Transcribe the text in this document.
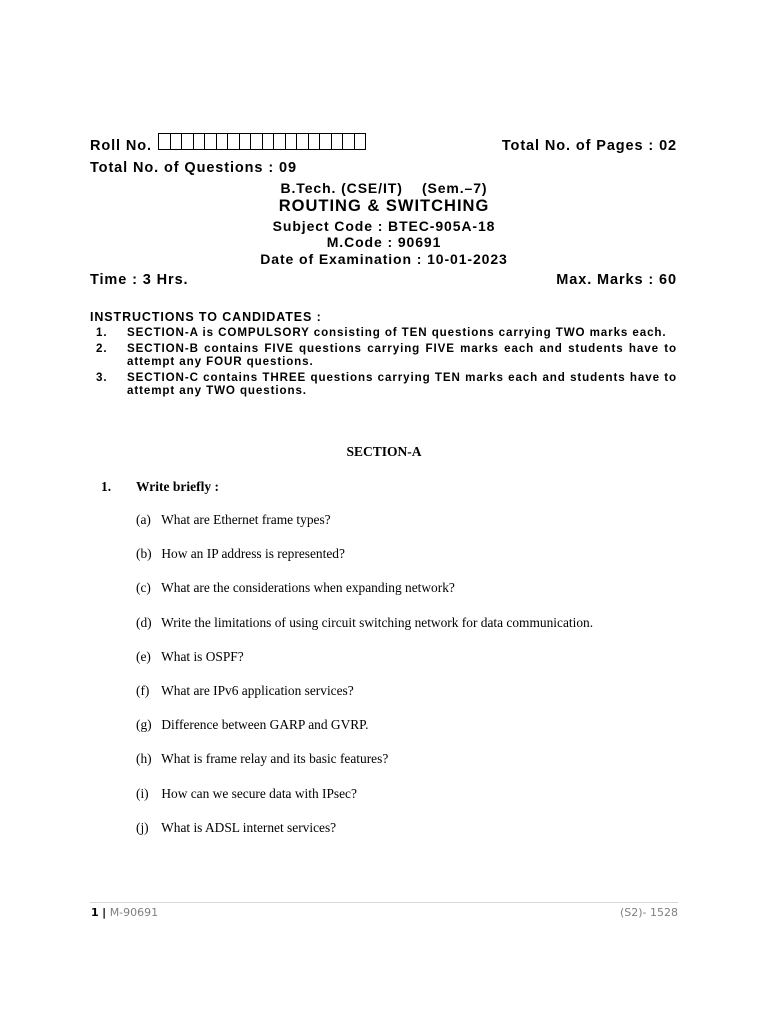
Roll No.	Total No. of Pages : 02
Total No. of Questions : 09
B.Tech. (CSE/IT) (Sem.–7)
ROUTING & SWITCHING
Subject Code : BTEC-905A-18
M.Code : 90691
Date of Examination : 10-01-2023
Time : 3 Hrs.	Max. Marks : 60
INSTRUCTIONS TO CANDIDATES :
1.	SECTION-A is COMPULSORY consisting of TEN questions carrying TWO marks each.
2.	SECTION-B contains FIVE questions carrying FIVE marks each and students have to attempt any FOUR questions.
3.	SECTION-C contains THREE questions carrying TEN marks each and students have to attempt any TWO questions.
SECTION-A
1. Write briefly :
(a) What are Ethernet frame types?
(b) How an IP address is represented?
(c) What are the considerations when expanding network?
(d) Write the limitations of using circuit switching network for data communication.
(e) What is OSPF?
(f) What are IPv6 application services?
(g) Difference between GARP and GVRP.
(h) What is frame relay and its basic features?
(i) How can we secure data with IPsec?
(j) What is ADSL internet services?
1 | M-90691	(S2)- 1528
